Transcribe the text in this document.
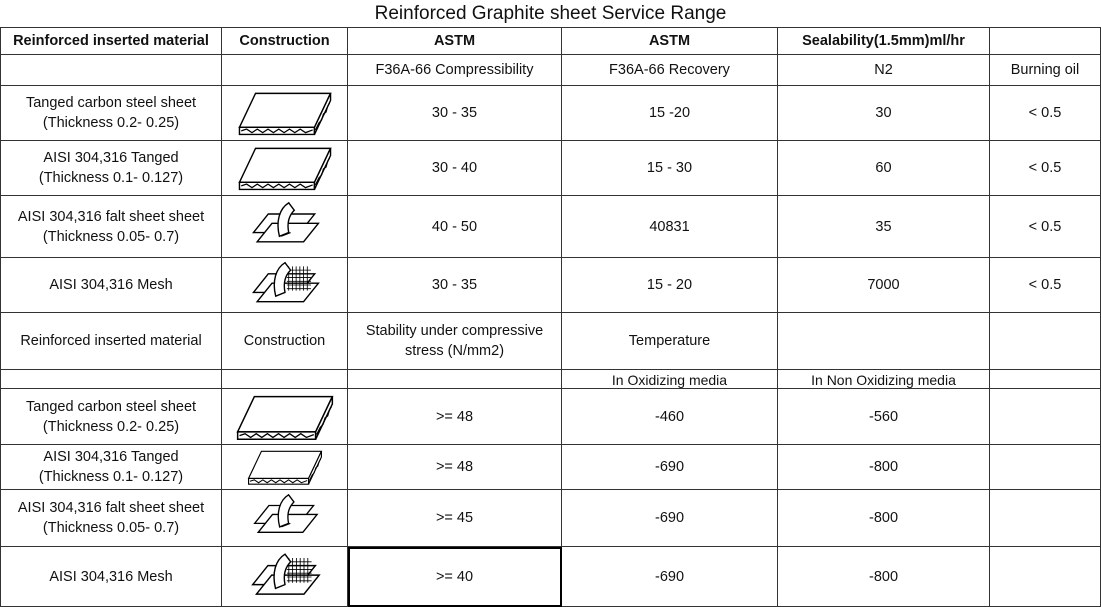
Reinforced Graphite sheet Service Range
Reinforced inserted material	Construction	ASTM	ASTM	Sealability(1.5mm)ml/hr	
		F36A-66 Compressibility	F36A-66 Recovery	N2	Burning oil

Tanged carbon steel sheet
(Thickness 0.2- 0.25)		30 - 35	15 -20	30	< 0.5

AISI 304,316 Tanged
(Thickness 0.1- 0.127)		30 - 40	15 - 30	60	< 0.5

AISI 304,316 falt sheet sheet
(Thickness 0.05- 0.7)		40 - 50	40831	35	< 0.5

AISI 304,316 Mesh		30 - 35	15 - 20	7000	< 0.5
Reinforced inserted material	Construction	Stability under compressive stress (N/mm2)	Temperature		
			In Oxidizing media	In Non Oxidizing media	

Tanged carbon steel sheet
(Thickness 0.2- 0.25)		>= 48	-460	-560	

AISI 304,316 Tanged
(Thickness 0.1- 0.127)		>= 48	-690	-800	

AISI 304,316 falt sheet sheet
(Thickness 0.05- 0.7)		>= 45	-690	-800	

AISI 304,316 Mesh		>= 40	-690	-800	
